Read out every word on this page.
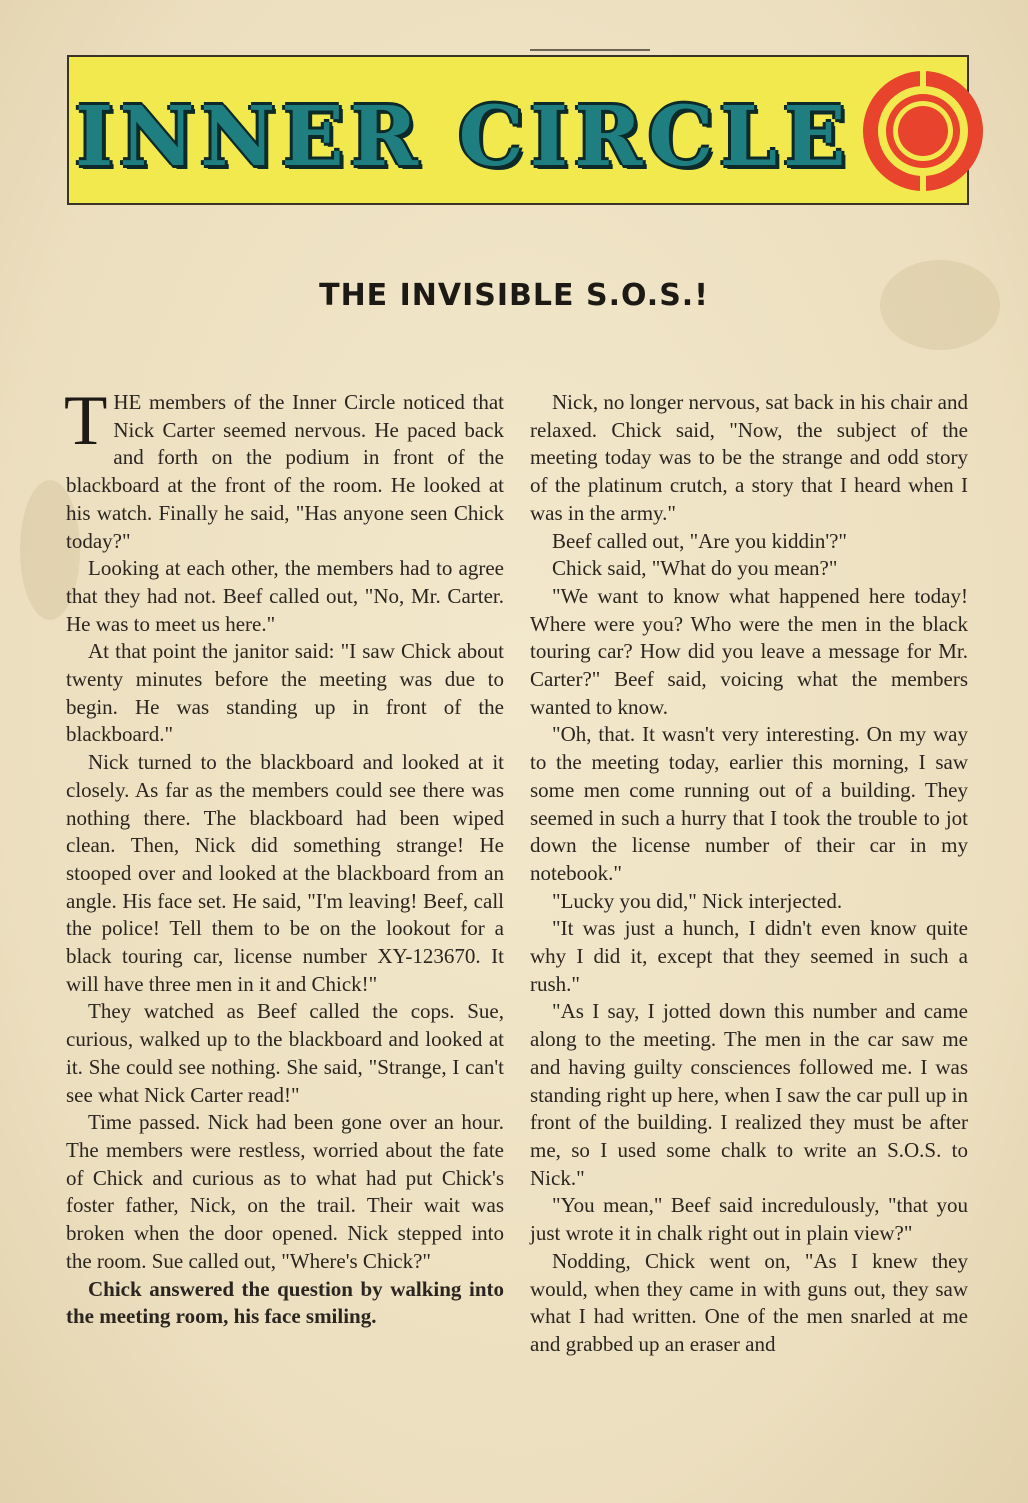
INNER CIRCLE
THE INVISIBLE S.O.S.!

THE members of the Inner Circle noticed that Nick Carter seemed nervous. He paced back and forth on the podium in front of the blackboard at the front of the room. He looked at his watch. Finally he said, "Has anyone seen Chick today?"

Looking at each other, the members had to agree that they had not. Beef called out, "No, Mr. Carter. He was to meet us here."

At that point the janitor said: "I saw Chick about twenty minutes before the meeting was due to begin. He was standing up in front of the blackboard."

Nick turned to the blackboard and looked at it closely. As far as the members could see there was nothing there. The blackboard had been wiped clean. Then, Nick did something strange! He stooped over and looked at the blackboard from an angle. His face set. He said, "I'm leaving! Beef, call the police! Tell them to be on the lookout for a black touring car, license number XY-123670. It will have three men in it and Chick!"

They watched as Beef called the cops. Sue, curious, walked up to the blackboard and looked at it. She could see nothing. She said, "Strange, I can't see what Nick Carter read!"

Time passed. Nick had been gone over an hour. The members were restless, worried about the fate of Chick and curious as to what had put Chick's foster father, Nick, on the trail. Their wait was broken when the door opened. Nick stepped into the room. Sue called out, "Where's Chick?"

Chick answered the question by walking into the meeting room, his face smiling.

Nick, no longer nervous, sat back in his chair and relaxed. Chick said, "Now, the subject of the meeting today was to be the strange and odd story of the platinum crutch, a story that I heard when I was in the army."

Beef called out, "Are you kiddin'?"

Chick said, "What do you mean?"

"We want to know what happened here today! Where were you? Who were the men in the black touring car? How did you leave a message for Mr. Carter?" Beef said, voicing what the members wanted to know.

"Oh, that. It wasn't very interesting. On my way to the meeting today, earlier this morning, I saw some men come running out of a building. They seemed in such a hurry that I took the trouble to jot down the license number of their car in my notebook."

"Lucky you did," Nick interjected.

"It was just a hunch, I didn't even know quite why I did it, except that they seemed in such a rush."

"As I say, I jotted down this number and came along to the meeting. The men in the car saw me and having guilty consciences followed me. I was standing right up here, when I saw the car pull up in front of the building. I realized they must be after me, so I used some chalk to write an S.O.S. to Nick."

"You mean," Beef said incredulously, "that you just wrote it in chalk right out in plain view?"

Nodding, Chick went on, "As I knew they would, when they came in with guns out, they saw what I had written. One of the men snarled at me and grabbed up an eraser and
